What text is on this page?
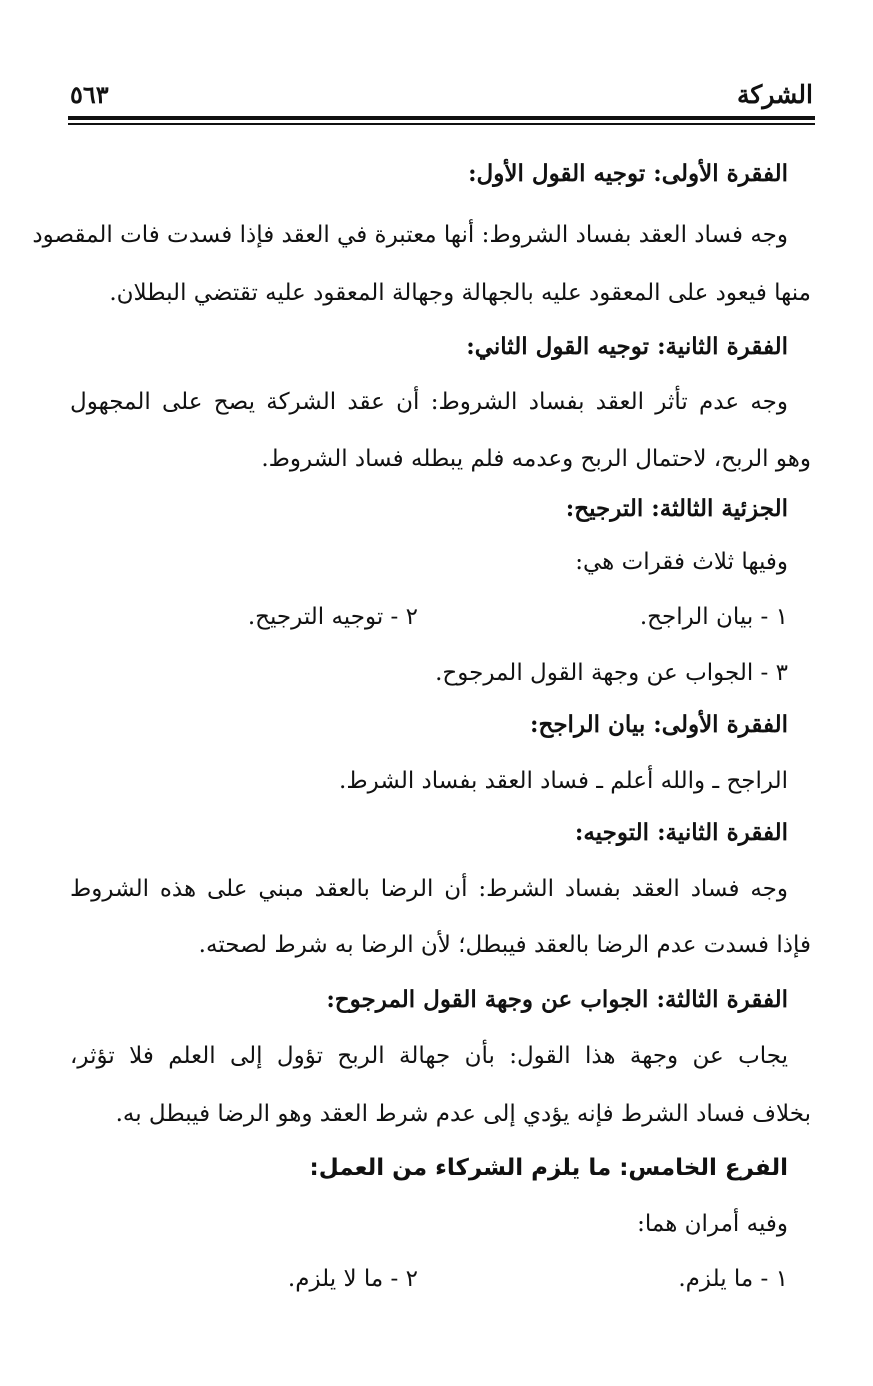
الشركة
٥٦٣
الفقرة الأولى: توجيه القول الأول:
وجه فساد العقد بفساد الشروط: أنها معتبرة في العقد فإذا فسدت فات المقصود
منها فيعود على المعقود عليه بالجهالة وجهالة المعقود عليه تقتضي البطلان.
الفقرة الثانية: توجيه القول الثاني:
وجه عدم تأثر العقد بفساد الشروط: أن عقد الشركة يصح على المجهول
وهو الربح، لاحتمال الربح وعدمه فلم يبطله فساد الشروط.
الجزئية الثالثة: الترجيح:
وفيها ثلاث فقرات هي:
١ - بيان الراجح.
٢ - توجيه الترجيح.
٣ - الجواب عن وجهة القول المرجوح.
الفقرة الأولى: بيان الراجح:
الراجح ـ والله أعلم ـ فساد العقد بفساد الشرط.
الفقرة الثانية: التوجيه:
وجه فساد العقد بفساد الشرط: أن الرضا بالعقد مبني على هذه الشروط
فإذا فسدت عدم الرضا بالعقد فيبطل؛ لأن الرضا به شرط لصحته.
الفقرة الثالثة: الجواب عن وجهة القول المرجوح:
يجاب عن وجهة هذا القول: بأن جهالة الربح تؤول إلى العلم فلا تؤثر،
بخلاف فساد الشرط فإنه يؤدي إلى عدم شرط العقد وهو الرضا فيبطل به.
الفرع الخامس: ما يلزم الشركاء من العمل:
وفيه أمران هما:
١ - ما يلزم.
٢ - ما لا يلزم.
